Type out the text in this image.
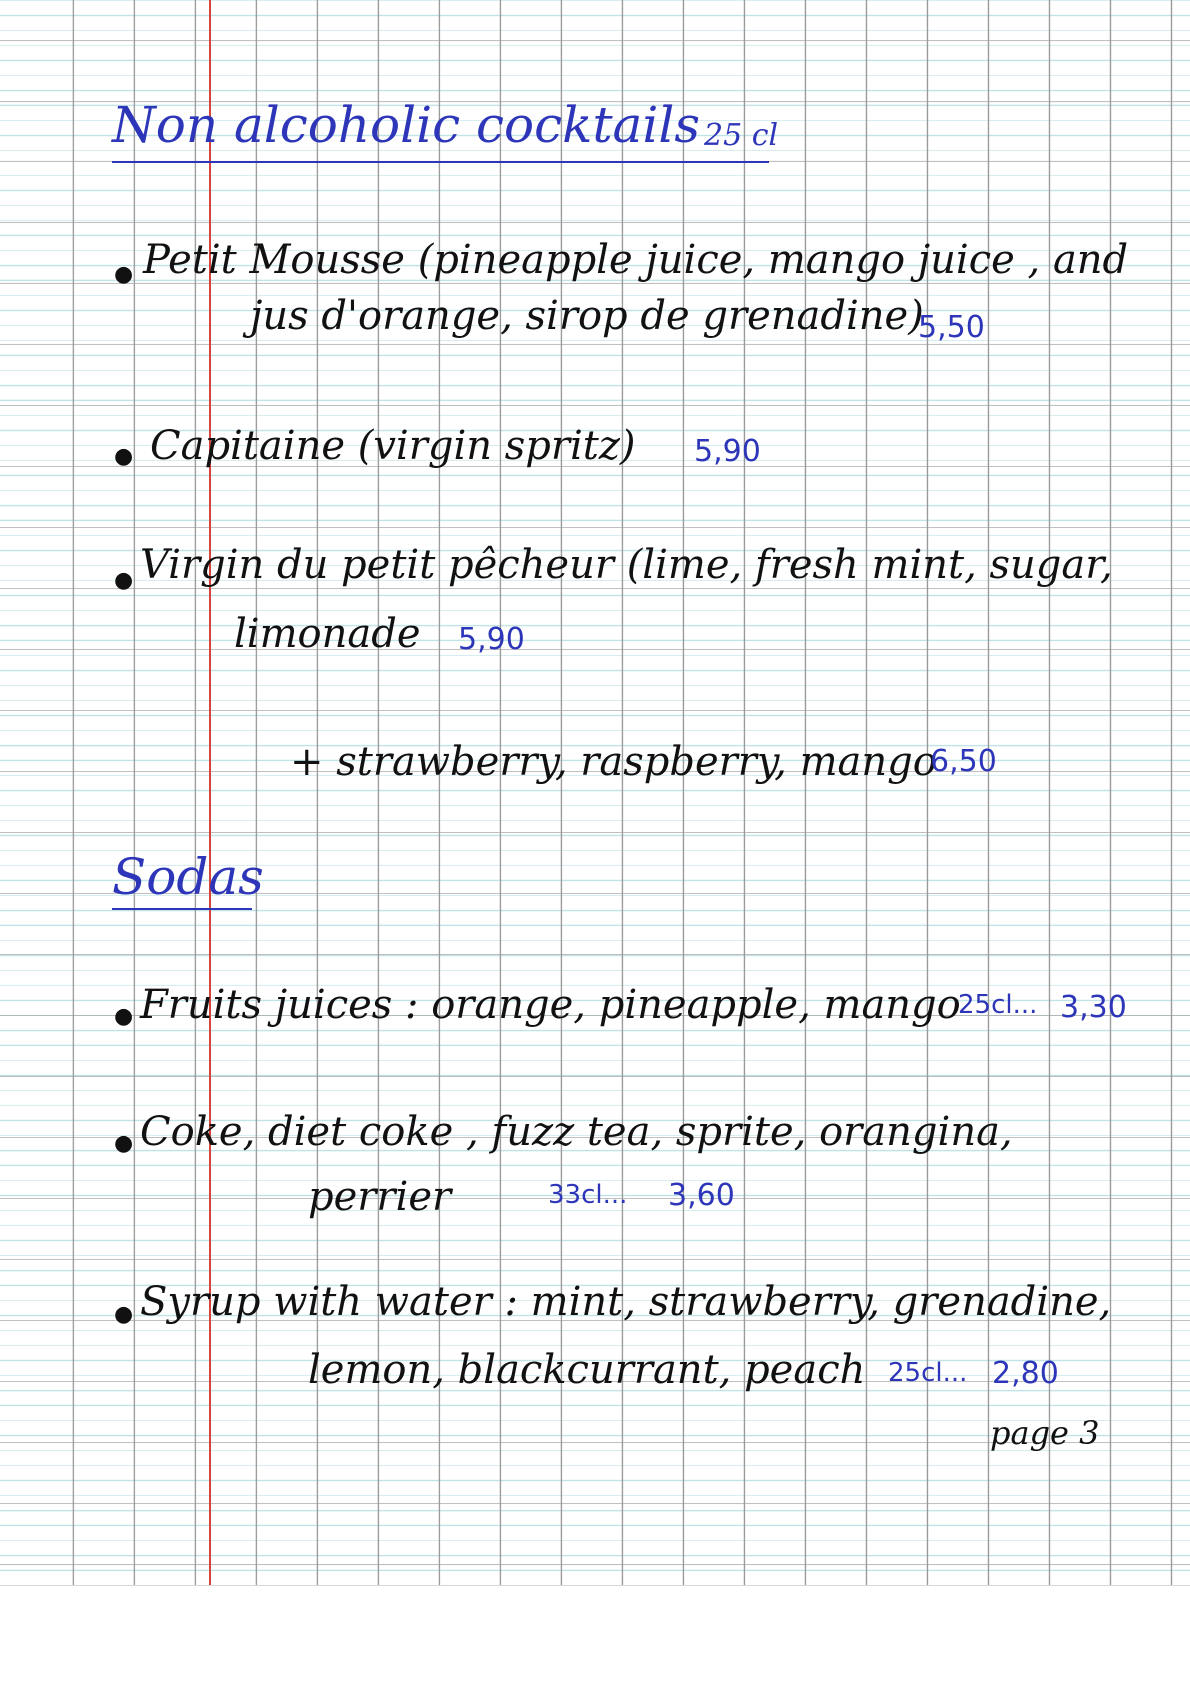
Non alcoholic cocktails 25 cl
● Petit Mousse (pineapple juice, mango juice , and
jus d'orange, sirop de grenadine)
5,50
● Capitaine (virgin spritz) 5,90
● Virgin du petit pêcheur (lime, fresh mint, sugar,
limonade 5,90
+ strawberry, raspberry, mango
6,50
Sodas
● Fruits juices : orange, pineapple, mango
25cl... 3,30
● Coke, diet coke , fuzz tea, sprite, orangina,
perrier	33cl... 3,60
● Syrup with water : mint, strawberry, grenadine,
lemon, blackcurrant, peach 25cl... 2,80
page 3
